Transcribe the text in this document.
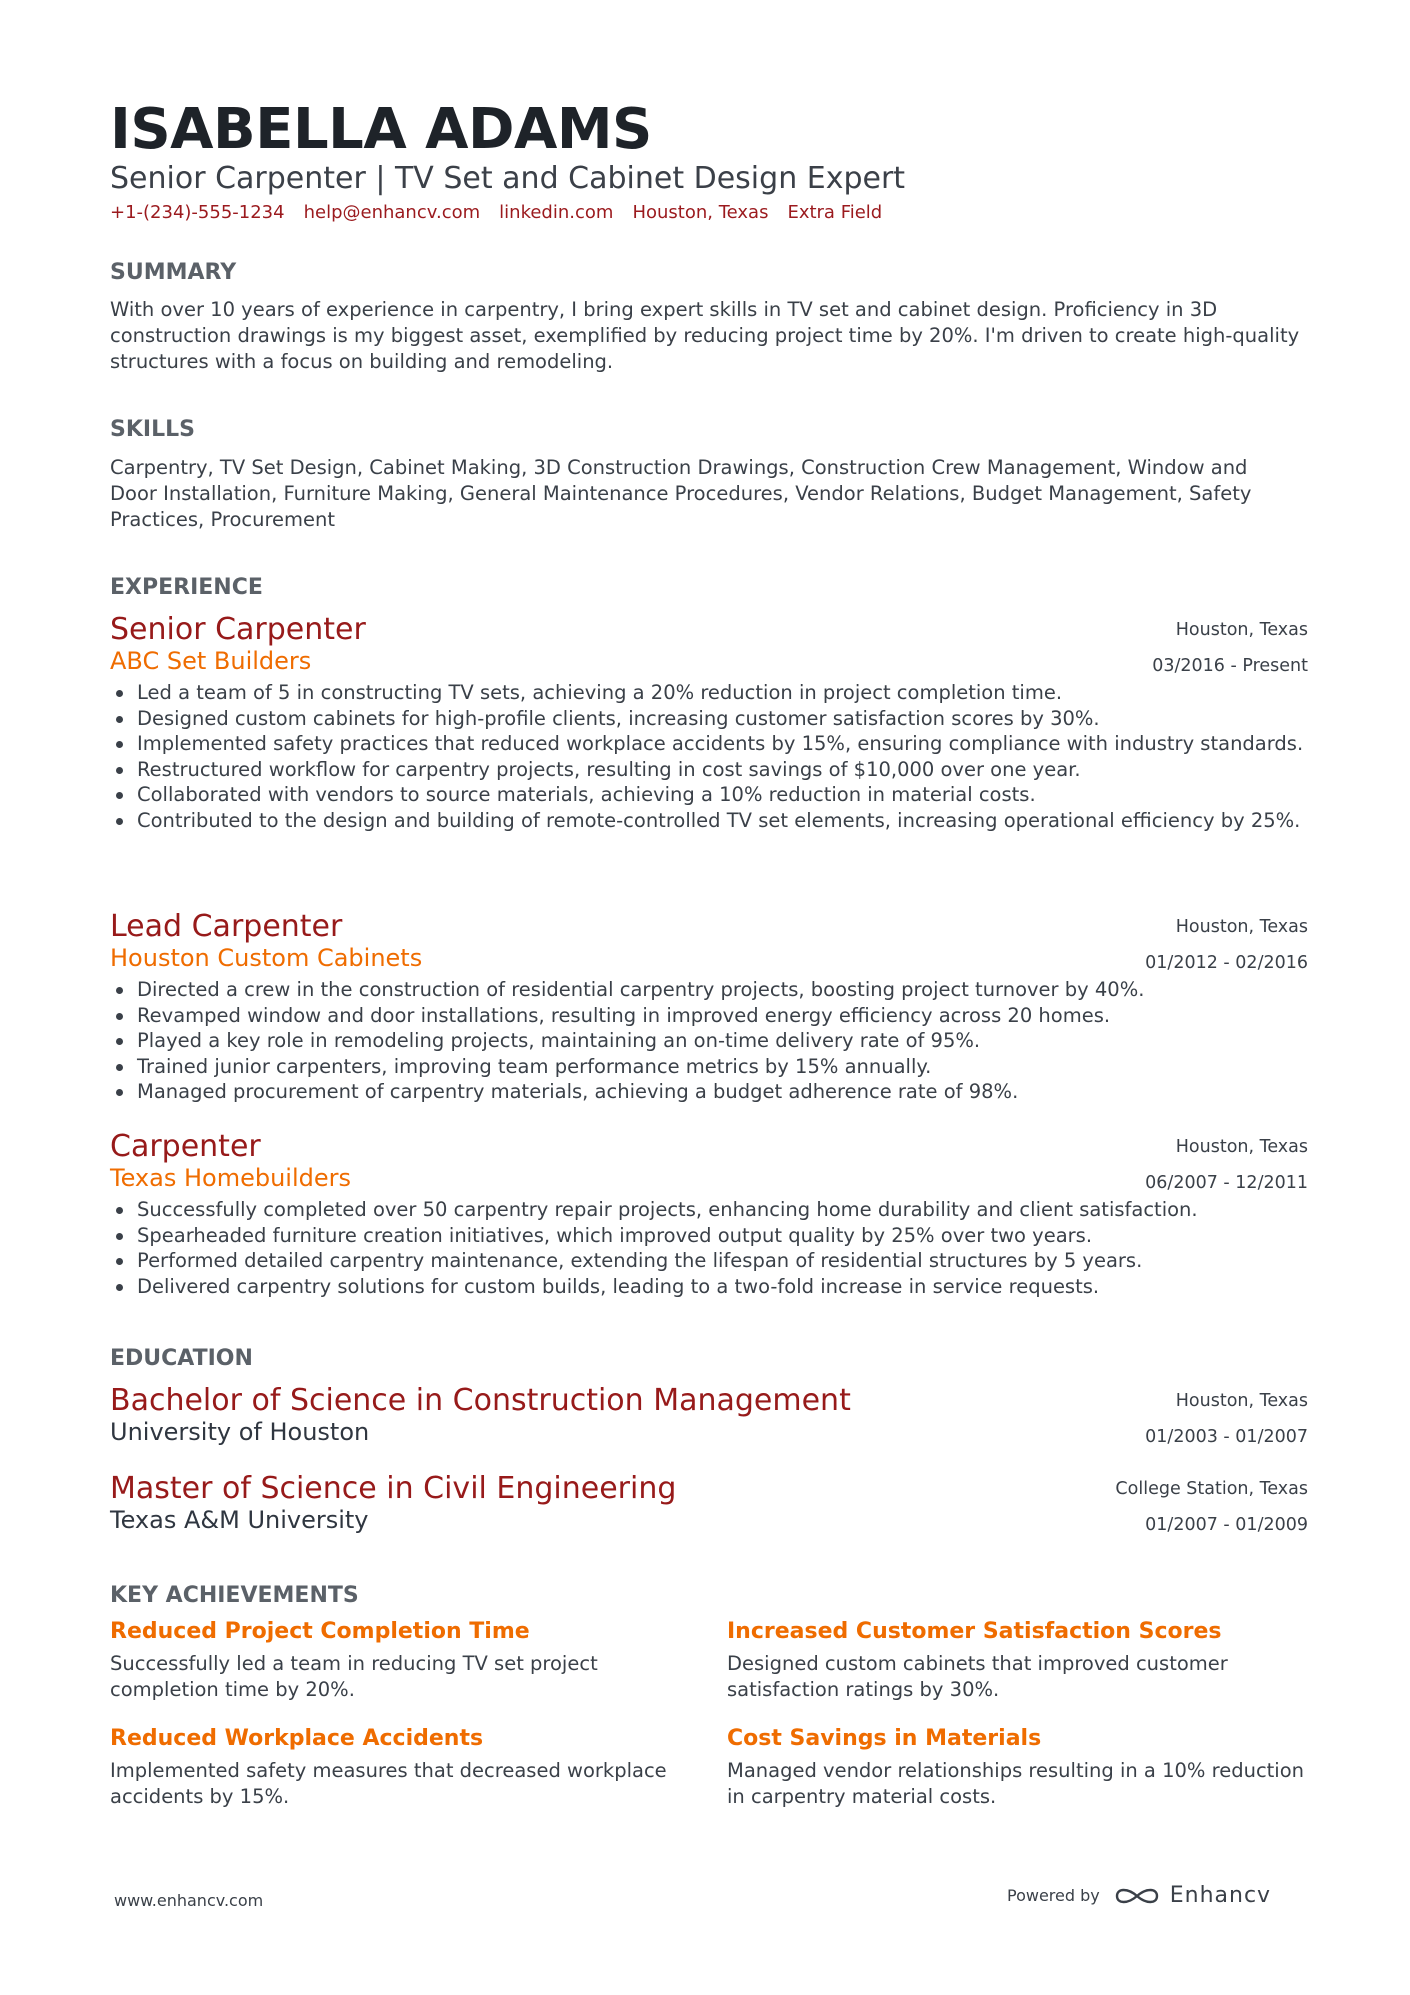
ISABELLA ADAMS
Senior Carpenter | TV Set and Cabinet Design Expert
+1-(234)-555-1234 help@enhancv.com linkedin.com Houston, Texas Extra Field
SUMMARY
With over 10 years of experience in carpentry, I bring expert skills in TV set and cabinet design. Proficiency in 3D construction drawings is my biggest asset, exemplified by reducing project time by 20%. I'm driven to create high-quality structures with a focus on building and remodeling.
SKILLS
Carpentry, TV Set Design, Cabinet Making, 3D Construction Drawings, Construction Crew Management, Window and Door Installation, Furniture Making, General Maintenance Procedures, Vendor Relations, Budget Management, Safety Practices, Procurement
EXPERIENCE
Senior Carpenter
ABC Set Builders
Houston, Texas
03/2016 - Present
Led a team of 5 in constructing TV sets, achieving a 20% reduction in project completion time.
Designed custom cabinets for high-profile clients, increasing customer satisfaction scores by 30%.
Implemented safety practices that reduced workplace accidents by 15%, ensuring compliance with industry standards.
Restructured workflow for carpentry projects, resulting in cost savings of $10,000 over one year.
Collaborated with vendors to source materials, achieving a 10% reduction in material costs.
Contributed to the design and building of remote-controlled TV set elements, increasing operational efficiency by 25%.
Lead Carpenter
Houston Custom Cabinets
Houston, Texas
01/2012 - 02/2016
Directed a crew in the construction of residential carpentry projects, boosting project turnover by 40%.
Revamped window and door installations, resulting in improved energy efficiency across 20 homes.
Played a key role in remodeling projects, maintaining an on-time delivery rate of 95%.
Trained junior carpenters, improving team performance metrics by 15% annually.
Managed procurement of carpentry materials, achieving a budget adherence rate of 98%.
Carpenter
Texas Homebuilders
Houston, Texas
06/2007 - 12/2011
Successfully completed over 50 carpentry repair projects, enhancing home durability and client satisfaction.
Spearheaded furniture creation initiatives, which improved output quality by 25% over two years.
Performed detailed carpentry maintenance, extending the lifespan of residential structures by 5 years.
Delivered carpentry solutions for custom builds, leading to a two-fold increase in service requests.
EDUCATION
Bachelor of Science in Construction Management
University of Houston
Houston, Texas
01/2003 - 01/2007
Master of Science in Civil Engineering
Texas A&M University
College Station, Texas
01/2007 - 01/2009
KEY ACHIEVEMENTS
Reduced Project Completion Time
Successfully led a team in reducing TV set project completion time by 20%.
Increased Customer Satisfaction Scores
Designed custom cabinets that improved customer satisfaction ratings by 30%.
Reduced Workplace Accidents
Implemented safety measures that decreased workplace accidents by 15%.
Cost Savings in Materials
Managed vendor relationships resulting in a 10% reduction in carpentry material costs.
www.enhancv.com	Powered by	Enhancv
